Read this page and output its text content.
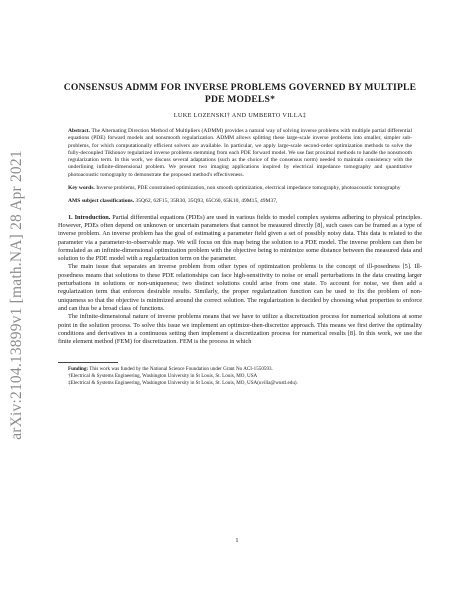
arXiv:2104.13899v1 [math.NA] 28 Apr 2021
CONSENSUS ADMM FOR INVERSE PROBLEMS GOVERNED BY MULTIPLE PDE MODELS*
LUKE LOZENSKI† AND UMBERTO VILLA‡
Abstract. The Alternating Direction Method of Multipliers (ADMM) provides a natural way of solving inverse problems with multiple partial differential equations (PDE) forward models and nonsmooth regularization. ADMM allows splitting these large-scale inverse problems into smaller, simpler sub-problems, for which computationally efficient solvers are available. In particular, we apply large-scale second-order optimization methods to solve the fully-decoupled Tikhonov regularized inverse problems stemming from each PDE forward model. We use fast proximal methods to handle the nonsmooth regularization term. In this work, we discuss several adaptations (such as the choice of the consensus norm) needed to maintain consistency with the underlining infinite-dimensional problem. We present two imaging applications inspired by electrical impedance tomography and quantitative photoacoustic tomography to demonstrate the proposed method's effectiveness.
Key words. Inverse problems, PDE constrained optimization, non smooth optimization, electrical impedance tomography, photoacoustic tomography
AMS subject classifications. 35Q62, 62F15, 35R30, 35Q93, 65C60, 65K10, 49M15, 49M37,

1. Introduction. Partial differential equations (PDEs) are used in various fields to model complex systems adhering to physical principles. However, PDEs often depend on unknown or uncertain parameters that cannot be measured directly [8], such cases can be framed as a type of inverse problem. An inverse problem has the goal of estimating a parameter field given a set of possibly noisy data. This data is related to the parameter via a parameter-to-observable map. We will focus on this map being the solution to a PDE model. The inverse problem can then be formulated as an infinite-dimensional optimization problem with the objective being to minimize some distance between the measured data and solution to the PDE model with a regularization term on the parameter.

The main issue that separates an inverse problem from other types of optimization problems is the concept of ill-posedness [5]. Ill-posedness means that solutions to these PDE relationships can face high-sensitivity to noise or small perturbations in the data creating larger perturbations in solutions or non-uniqueness; two distinct solutions could arise from one state. To account for noise, we then add a regularization term that enforces desirable results. Similarly, the proper regularization function can be used to fix the problem of non-uniqueness so that the objective is minimized around the correct solution. The regularization is decided by choosing what properties to enforce and can thus be a broad class of functions.

The infinite-dimensional nature of inverse problems means that we have to utilize a discretization process for numerical solutions at some point in the solution process. To solve this issue we implement an optimize-then-discretize approach. This means we first derive the optimality conditions and derivatives in a continuous setting then implement a discretization process for numerical results [8]. In this work, we use the finite element method (FEM) for discretization. FEM is the process in which

Funding: This work was funded by the National Science Foundation under Grant No ACI-1550593.

†Electrical & Systems Engineering, Washington University in St Louis, St. Louis, MO, USA

‡Electrical & Systems Engineering, Washington University in St Louis, St. Louis, MO, USA(uvilla@wustl.edu).

1
